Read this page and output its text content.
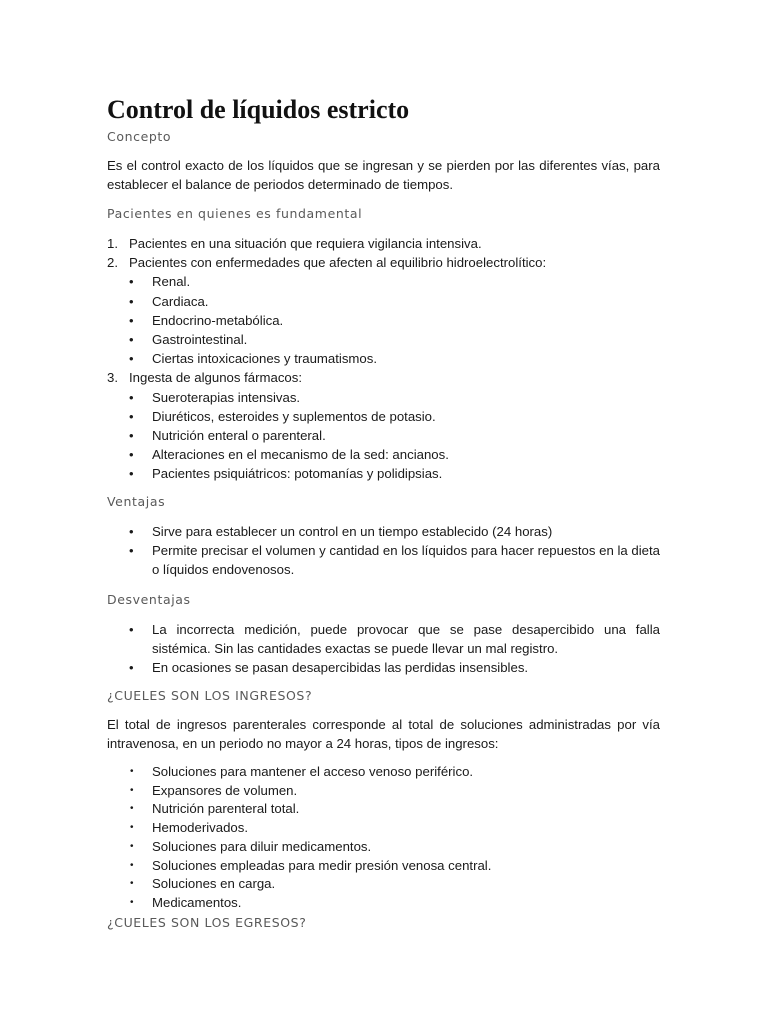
Control de líquidos estricto
Concepto

Es el control exacto de los líquidos que se ingresan y se pierden por las diferentes vías, para establecer el balance de periodos determinado de tiempos.

Pacientes en quienes es fundamental
1. Pacientes en una situación que requiera vigilancia intensiva.
2. Pacientes con enfermedades que afecten al equilibrio hidroelectrolítico:
• Renal.
• Cardiaca.
• Endocrino-metabólica.
• Gastrointestinal.
• Ciertas intoxicaciones y traumatismos.
3. Ingesta de algunos fármacos:
• Sueroterapias intensivas.
• Diuréticos, esteroides y suplementos de potasio.
• Nutrición enteral o parenteral.
• Alteraciones en el mecanismo de la sed: ancianos.
• Pacientes psiquiátricos: potomanías y polidipsias.
Ventajas
• Sirve para establecer un control en un tiempo establecido (24 horas)
• Permite precisar el volumen y cantidad en los líquidos para hacer repuestos en la dieta o líquidos endovenosos.
Desventajas
• La incorrecta medición, puede provocar que se pase desapercibido una falla sistémica. Sin las cantidades exactas se puede llevar un mal registro.
• En ocasiones se pasan desapercibidas las perdidas insensibles.
¿CUELES SON LOS INGRESOS?

El total de ingresos parenterales corresponde al total de soluciones administradas por vía intravenosa, en un periodo no mayor a 24 horas, tipos de ingresos:

• Soluciones para mantener el acceso venoso periférico.
• Expansores de volumen.
• Nutrición parenteral total.
• Hemoderivados.
• Soluciones para diluir medicamentos.
• Soluciones empleadas para medir presión venosa central.
• Soluciones en carga.
• Medicamentos.
¿CUELES SON LOS EGRESOS?
